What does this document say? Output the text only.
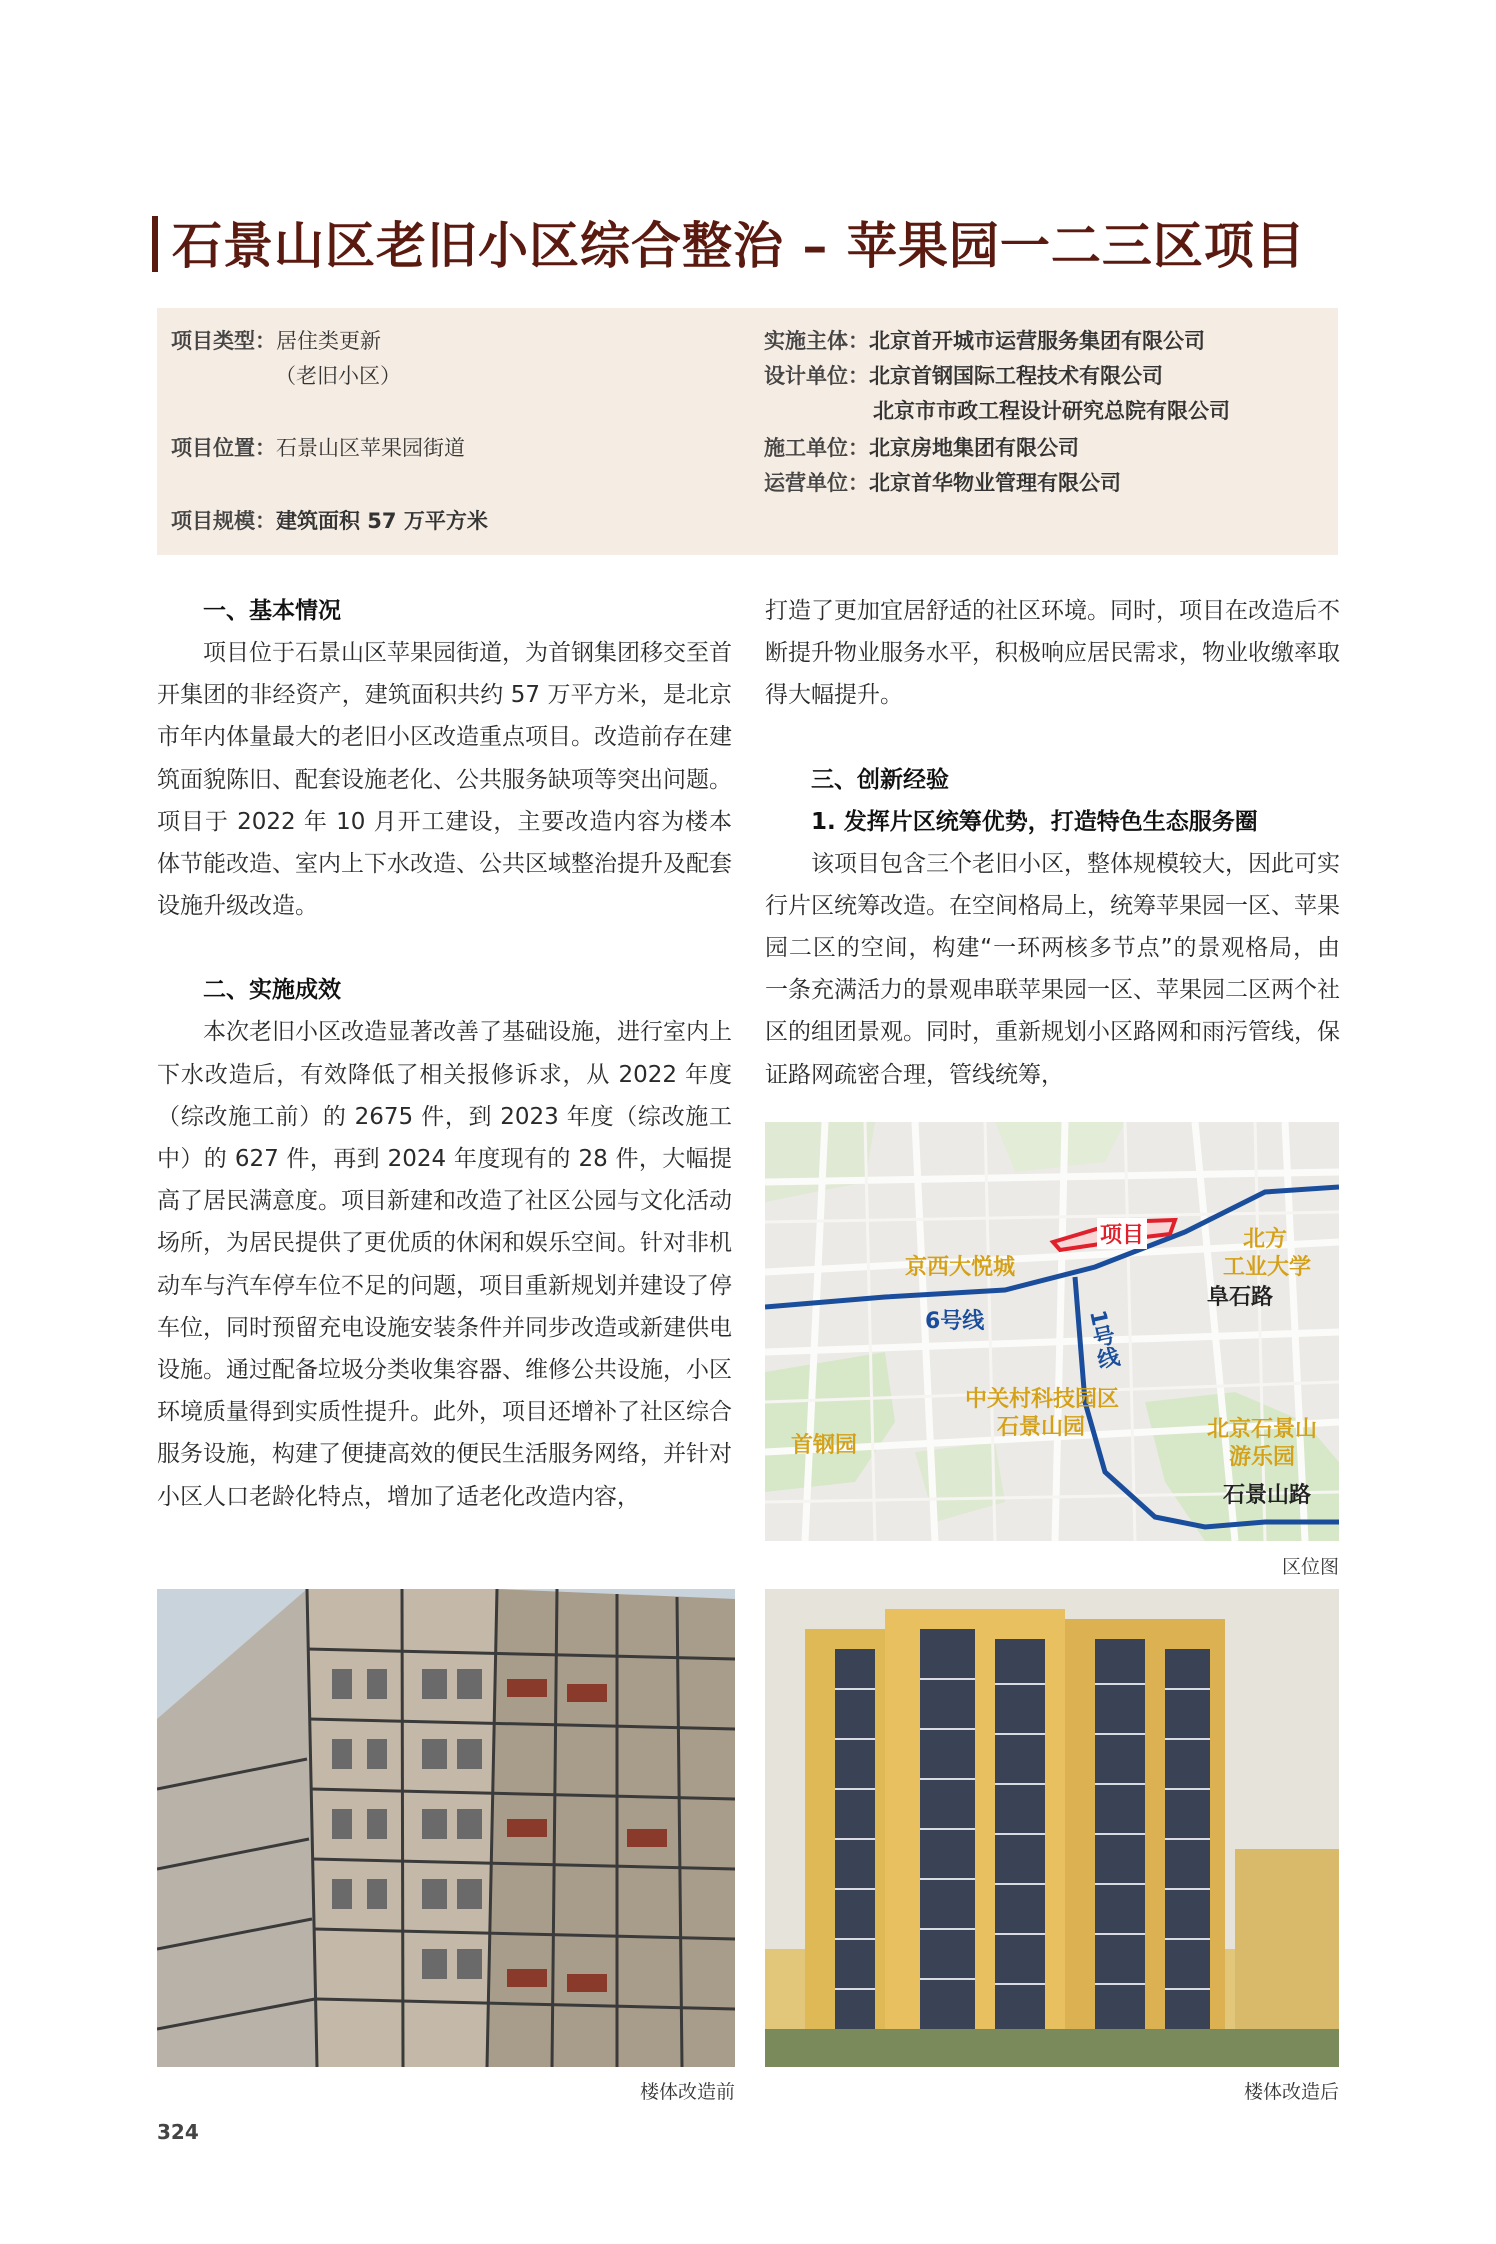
石景山区老旧小区综合整治 – 苹果园一二三区项目
项目类型：居住类更新
（老旧小区）
项目位置：石景山区苹果园街道
项目规模：建筑面积 57 万平方米
实施主体：北京首开城市运营服务集团有限公司
设计单位：北京首钢国际工程技术有限公司
北京市市政工程设计研究总院有限公司
施工单位：北京房地集团有限公司
运营单位：北京首华物业管理有限公司
一、基本情况

项目位于石景山区苹果园街道，为首钢集团移交至首开集团的非经资产，建筑面积共约 57 万平方米，是北京市年内体量最大的老旧小区改造重点项目。改造前存在建筑面貌陈旧、配套设施老化、公共服务缺项等突出问题。项目于 2022 年 10 月开工建设，主要改造内容为楼本体节能改造、室内上下水改造、公共区域整治提升及配套设施升级改造。

二、实施成效

本次老旧小区改造显著改善了基础设施，进行室内上下水改造后，有效降低了相关报修诉求，从 2022 年度（综改施工前）的 2675 件，到 2023 年度（综改施工中）的 627 件，再到 2024 年度现有的 28 件，大幅提高了居民满意度。项目新建和改造了社区公园与文化活动场所，为居民提供了更优质的休闲和娱乐空间。针对非机动车与汽车停车位不足的问题，项目重新规划并建设了停车位，同时预留充电设施安装条件并同步改造或新建供电设施。通过配备垃圾分类收集容器、维修公共设施，小区环境质量得到实质性提升。此外，项目还增补了社区综合服务设施，构建了便捷高效的便民生活服务网络，并针对小区人口老龄化特点，增加了适老化改造内容，

打造了更加宜居舒适的社区环境。同时，项目在改造后不断提升物业服务水平，积极响应居民需求，物业收缴率取得大幅提升。

三、创新经验
1. 发挥片区统筹优势，打造特色生态服务圈

该项目包含三个老旧小区，整体规模较大，因此可实行片区统筹改造。在空间格局上，统筹苹果园一区、苹果园二区的空间，构建“一环两核多节点”的景观格局，由一条充满活力的景观串联苹果园一区、苹果园二区两个社区的组团景观。同时，重新规划小区路网和雨污管线，保证路网疏密合理，管线统筹，

项目
京西大悦城
北方
工业大学
阜石路
6号线	1号线
中关村科技园区
石景山园
首钢园
北京石景山
游乐园
石景山路
区位图
楼体改造前	楼体改造后
324
